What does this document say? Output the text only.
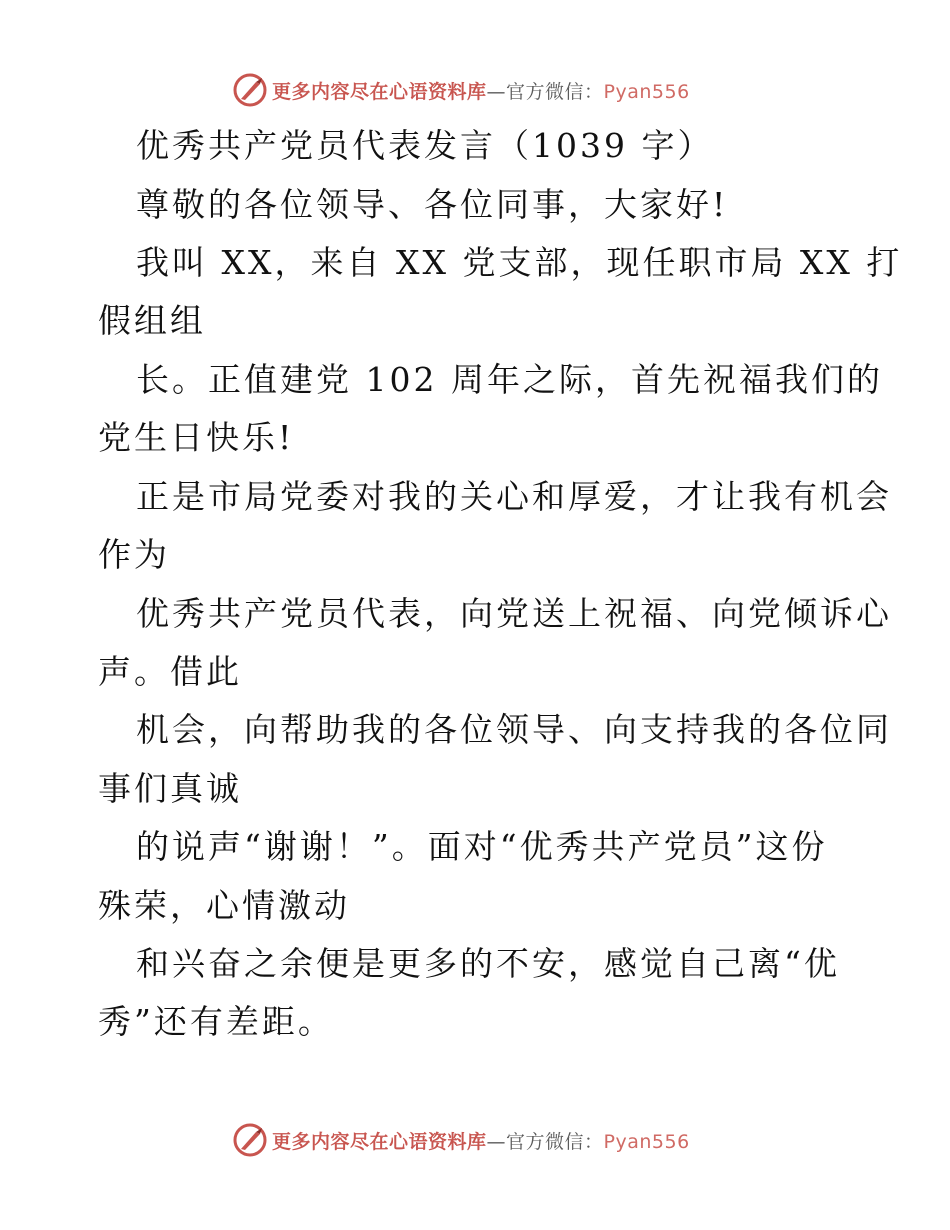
更多内容尽在心语资料库—官方微信：Pyan556
优秀共产党员代表发言（1039 字）
尊敬的各位领导、各位同事，大家好!
我叫 XX，来自 XX 党支部，现任职市局 XX 打
假组组
长。正值建党 102 周年之际，首先祝福我们的
党生日快乐!
正是市局党委对我的关心和厚爱，才让我有机会
作为
优秀共产党员代表，向党送上祝福、向党倾诉心
声。借此
机会，向帮助我的各位领导、向支持我的各位同
事们真诚
的说声“谢谢！”。面对“优秀共产党员”这份
殊荣，心情激动
和兴奋之余便是更多的不安，感觉自己离“优
秀”还有差距。
更多内容尽在心语资料库—官方微信：Pyan556
